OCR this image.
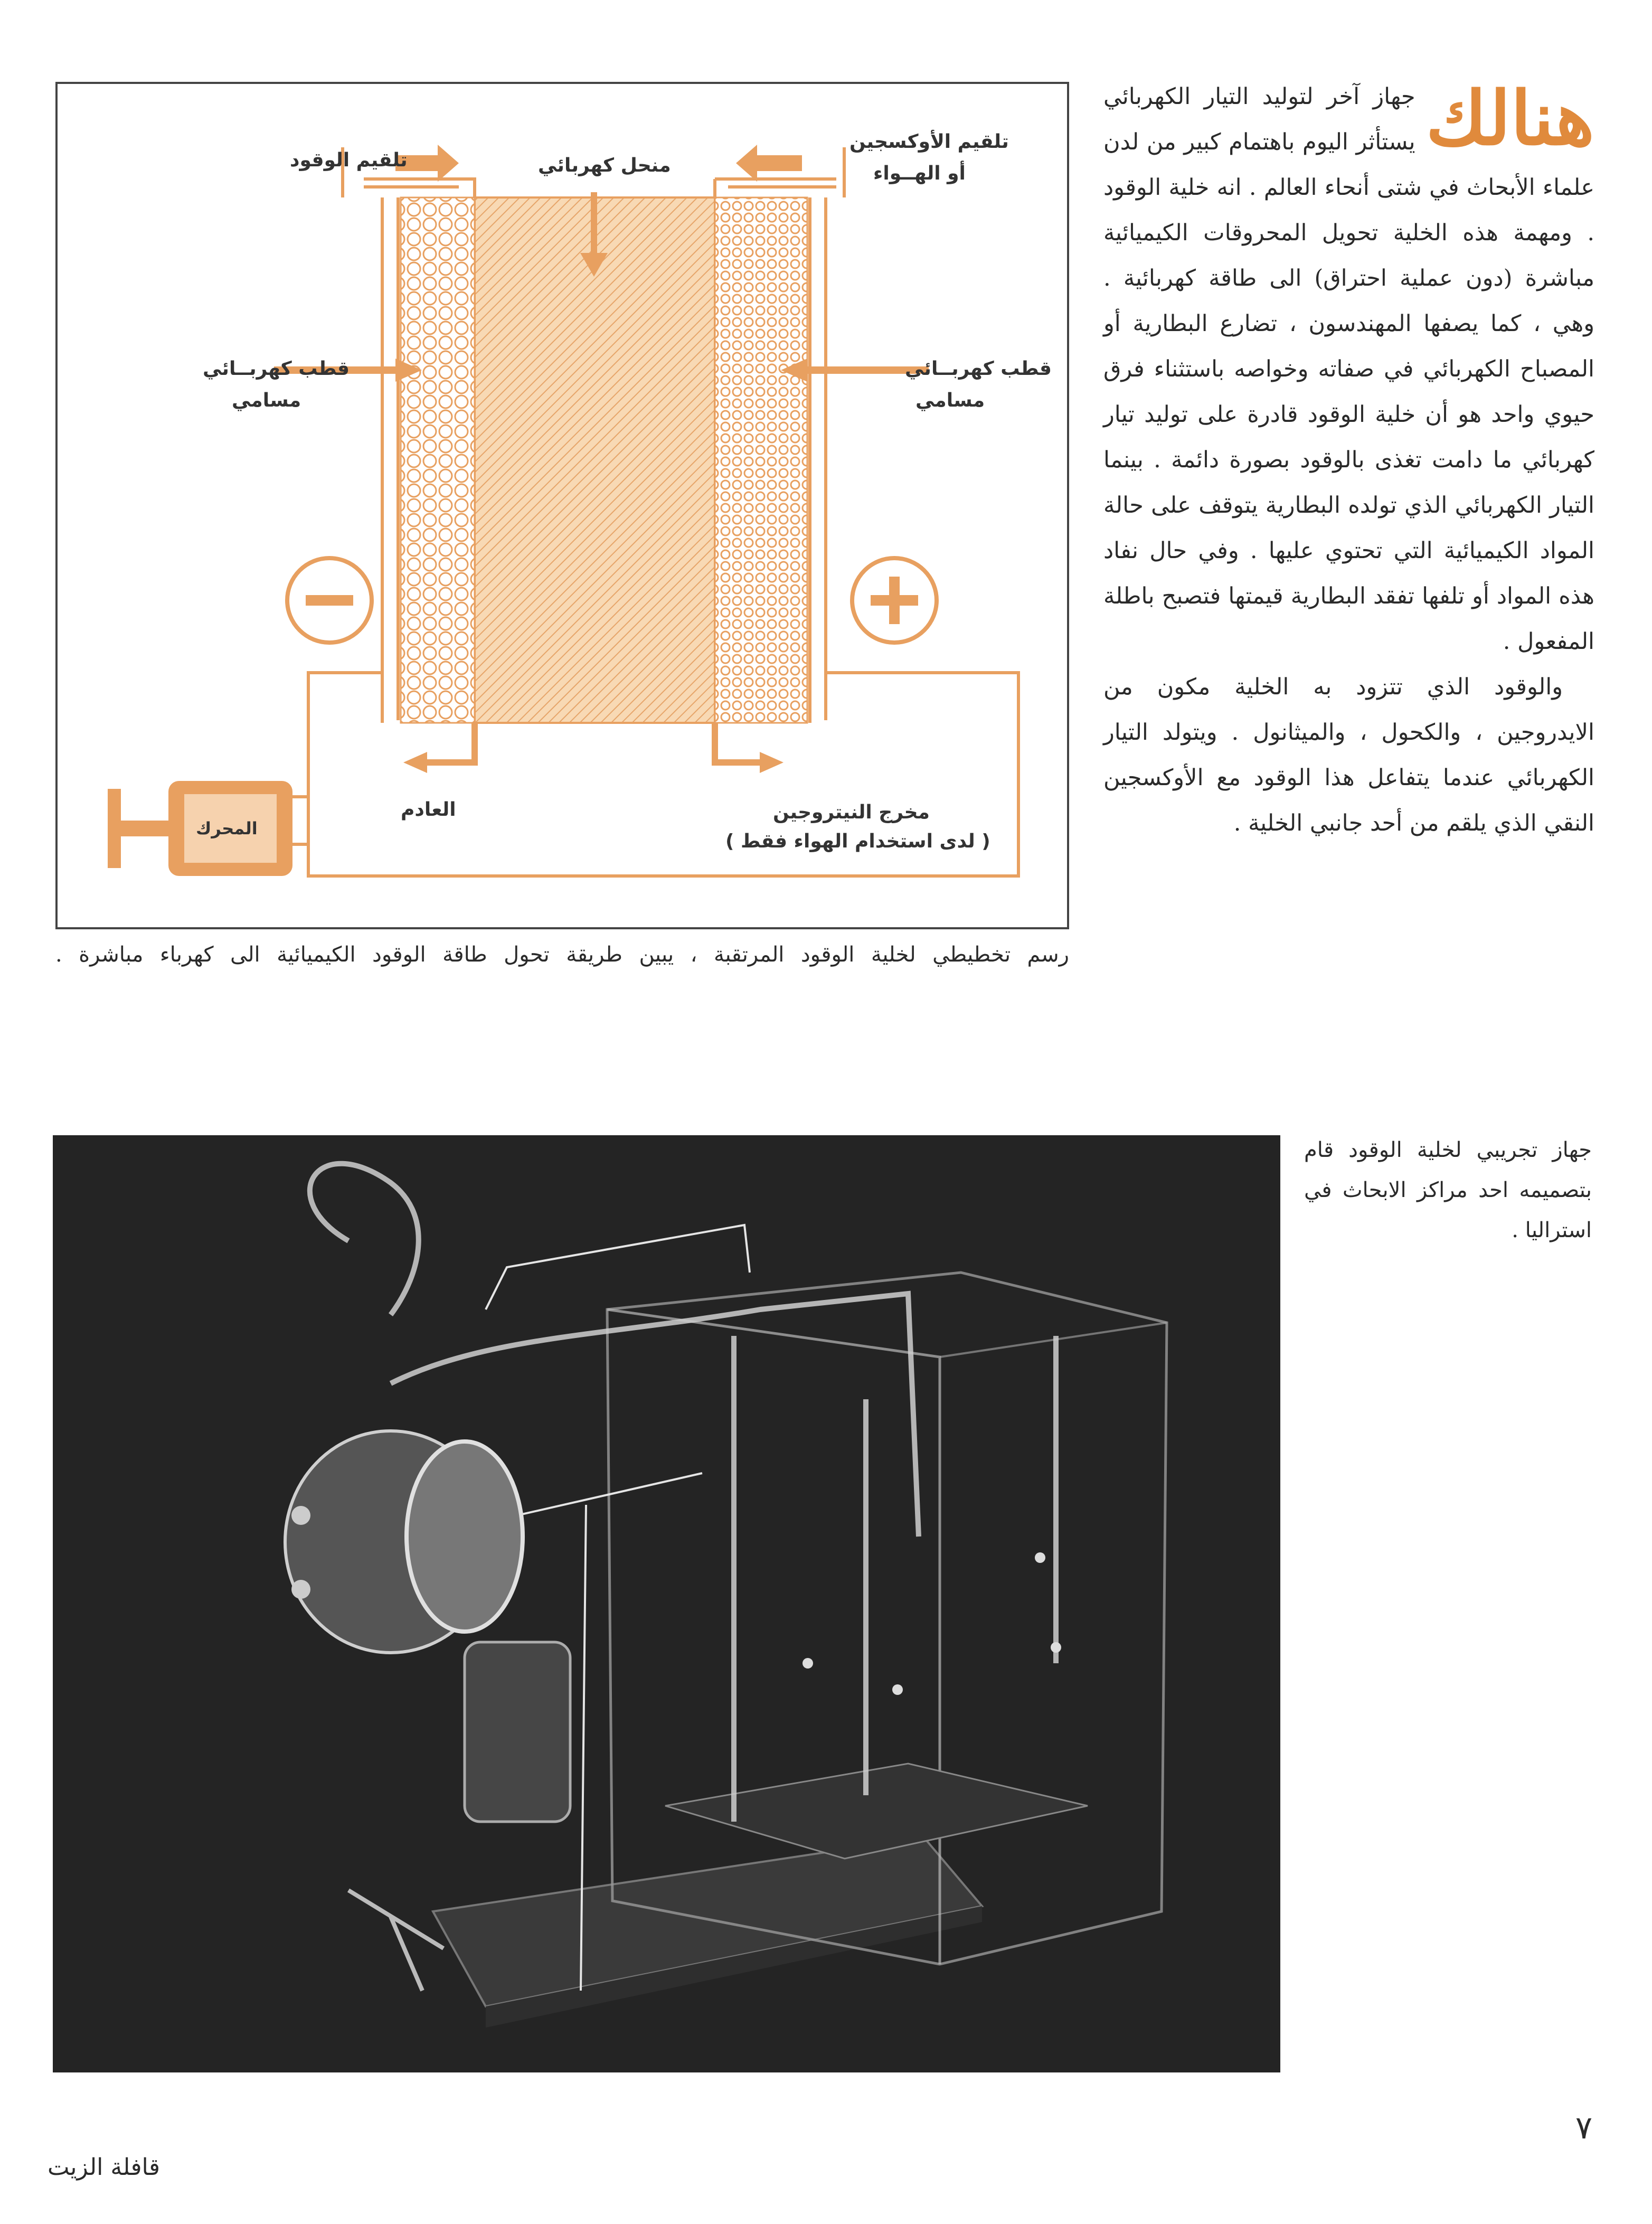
هنالك

جهاز آخر لتوليد التيار الكهربائي يستأثر اليوم باهتمام كبير من لدن علماء الأبحاث في شتى أنحاء العالم . انه خلية الوقود . ومهمة هذه الخلية تحويل المحروقات الكيميائية مباشرة (دون عملية احتراق) الى طاقة كهربائية . وهي ، كما يصفها المهندسون ، تضارع البطارية أو المصباح الكهربائي في صفاته وخواصه باستثناء فرق حيوي واحد هو أن خلية الوقود قادرة على توليد تيار كهربائي ما دامت تغذى بالوقود بصورة دائمة . بينما التيار الكهربائي الذي تولده البطارية يتوقف على حالة المواد الكيميائية التي تحتوي عليها . وفي حال نفاد هذه المواد أو تلفها تفقد البطارية قيمتها فتصبح باطلة المفعول .

والوقود الذي تتزود به الخلية مكون من الايدروجين ، والكحول ، والميثانول . ويتولد التيار الكهربائي عندما يتفاعل هذا الوقود مع الأوكسجين النقي الذي يلقم من أحد جانبي الخلية .

تلقيم الوقود	منحل كهربائي
تلقيم الأوكسجين
أو الهــواء
قطب كهربــائي
مسامي
قطب كهربــائي
مسامي
العادم	مخرج النيتروجين
( لدى استخدام الهواء فقط )
المحرك
رسم تخطيطي لخلية الوقود المرتقبة ، يبين طريقة تحول طاقة الوقود الكيميائية الى كهرباء مباشرة .
جهاز تجريبي لخلية الوقود قام بتصميمه احد مراكز الابحاث في استراليا .
٧
قافلة الزيت
